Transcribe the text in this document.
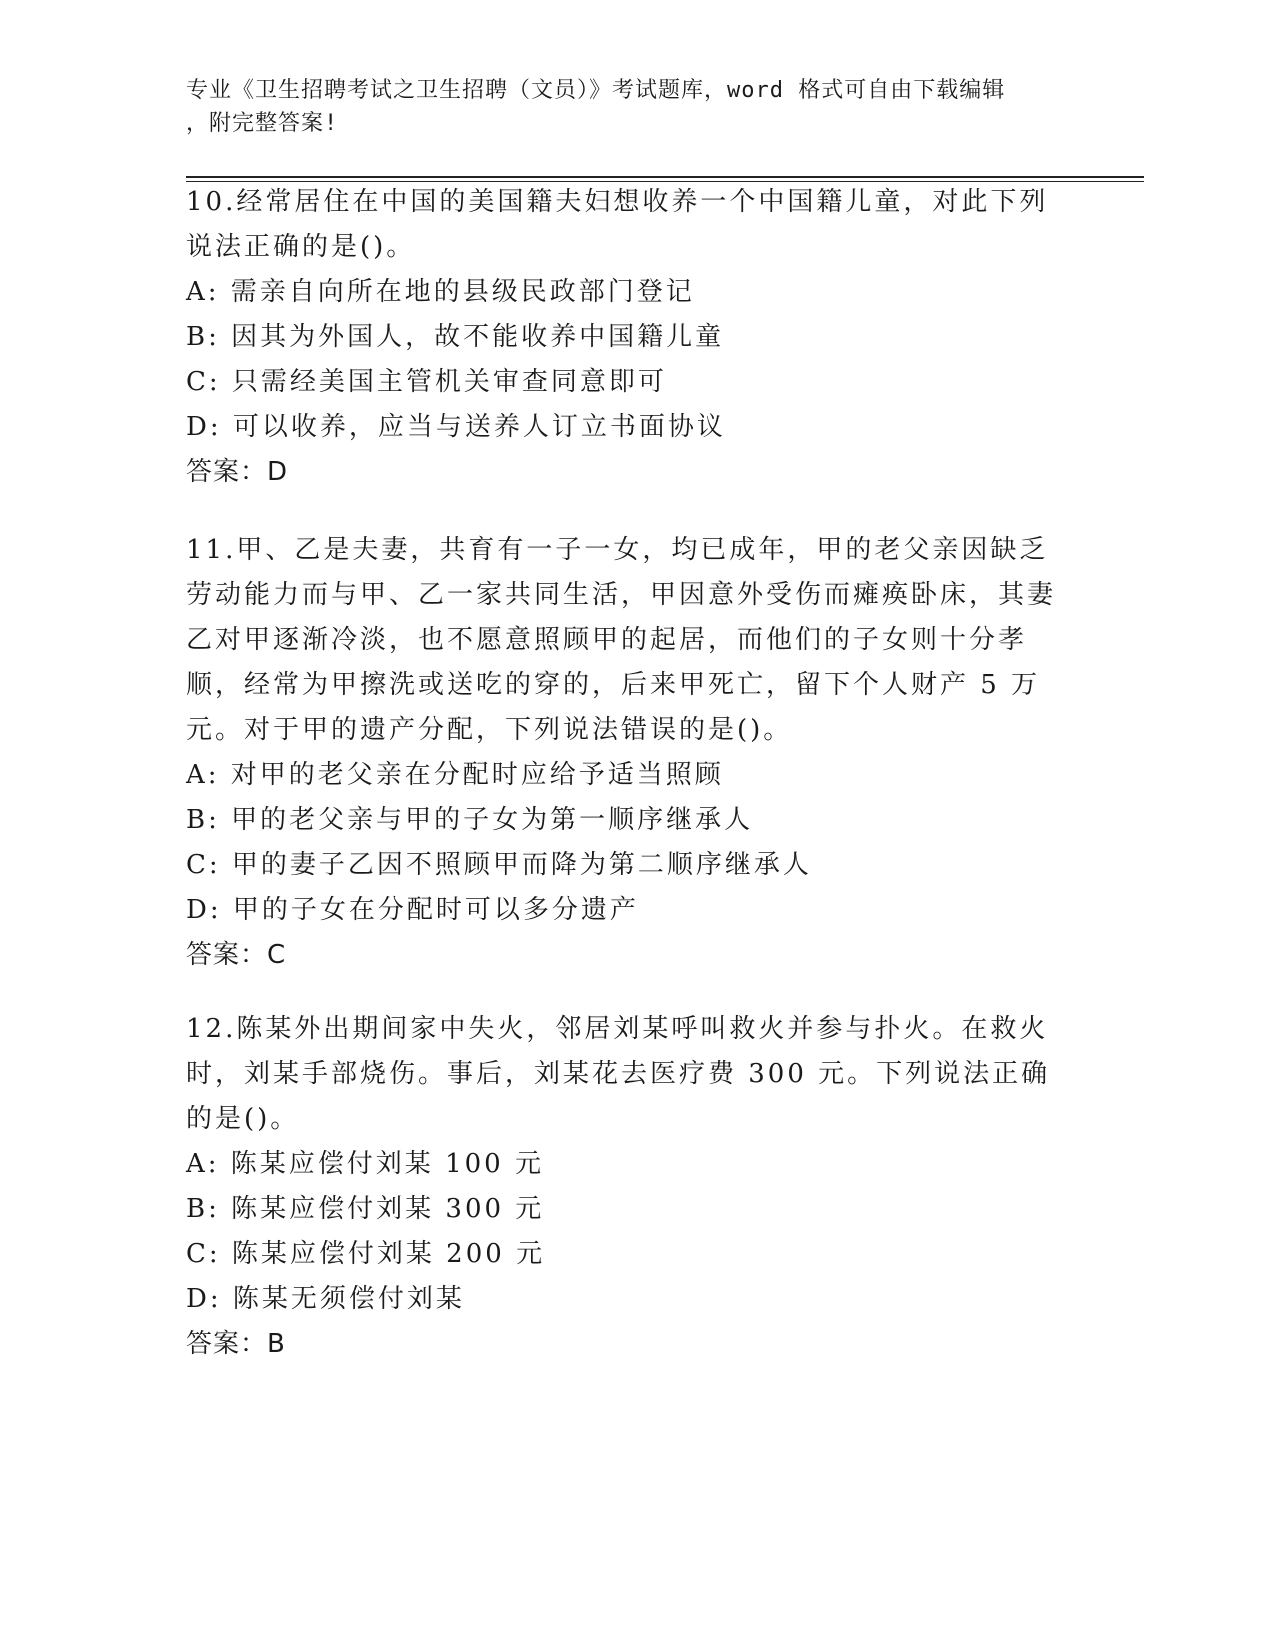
专业《卫生招聘考试之卫生招聘（文员）》考试题库，word 格式可自由下载编辑
，附完整答案!
10.经常居住在中国的美国籍夫妇想收养一个中国籍儿童，对此下列说法正确的是()。
A: 需亲自向所在地的县级民政部门登记
B: 因其为外国人，故不能收养中国籍儿童
C: 只需经美国主管机关审查同意即可
D: 可以收养，应当与送养人订立书面协议
答案：D
11.甲、乙是夫妻，共育有一子一女，均已成年，甲的老父亲因缺乏劳动能力而与甲、乙一家共同生活，甲因意外受伤而瘫痪卧床，其妻乙对甲逐渐冷淡，也不愿意照顾甲的起居，而他们的子女则十分孝顺，经常为甲擦洗或送吃的穿的，后来甲死亡，留下个人财产 5 万元。对于甲的遗产分配，下列说法错误的是()。
A: 对甲的老父亲在分配时应给予适当照顾
B: 甲的老父亲与甲的子女为第一顺序继承人
C: 甲的妻子乙因不照顾甲而降为第二顺序继承人
D: 甲的子女在分配时可以多分遗产
答案：C
12.陈某外出期间家中失火，邻居刘某呼叫救火并参与扑火。在救火时，刘某手部烧伤。事后，刘某花去医疗费 300 元。下列说法正确的是()。
A: 陈某应偿付刘某 100 元
B: 陈某应偿付刘某 300 元
C: 陈某应偿付刘某 200 元
D: 陈某无须偿付刘某
答案：B
